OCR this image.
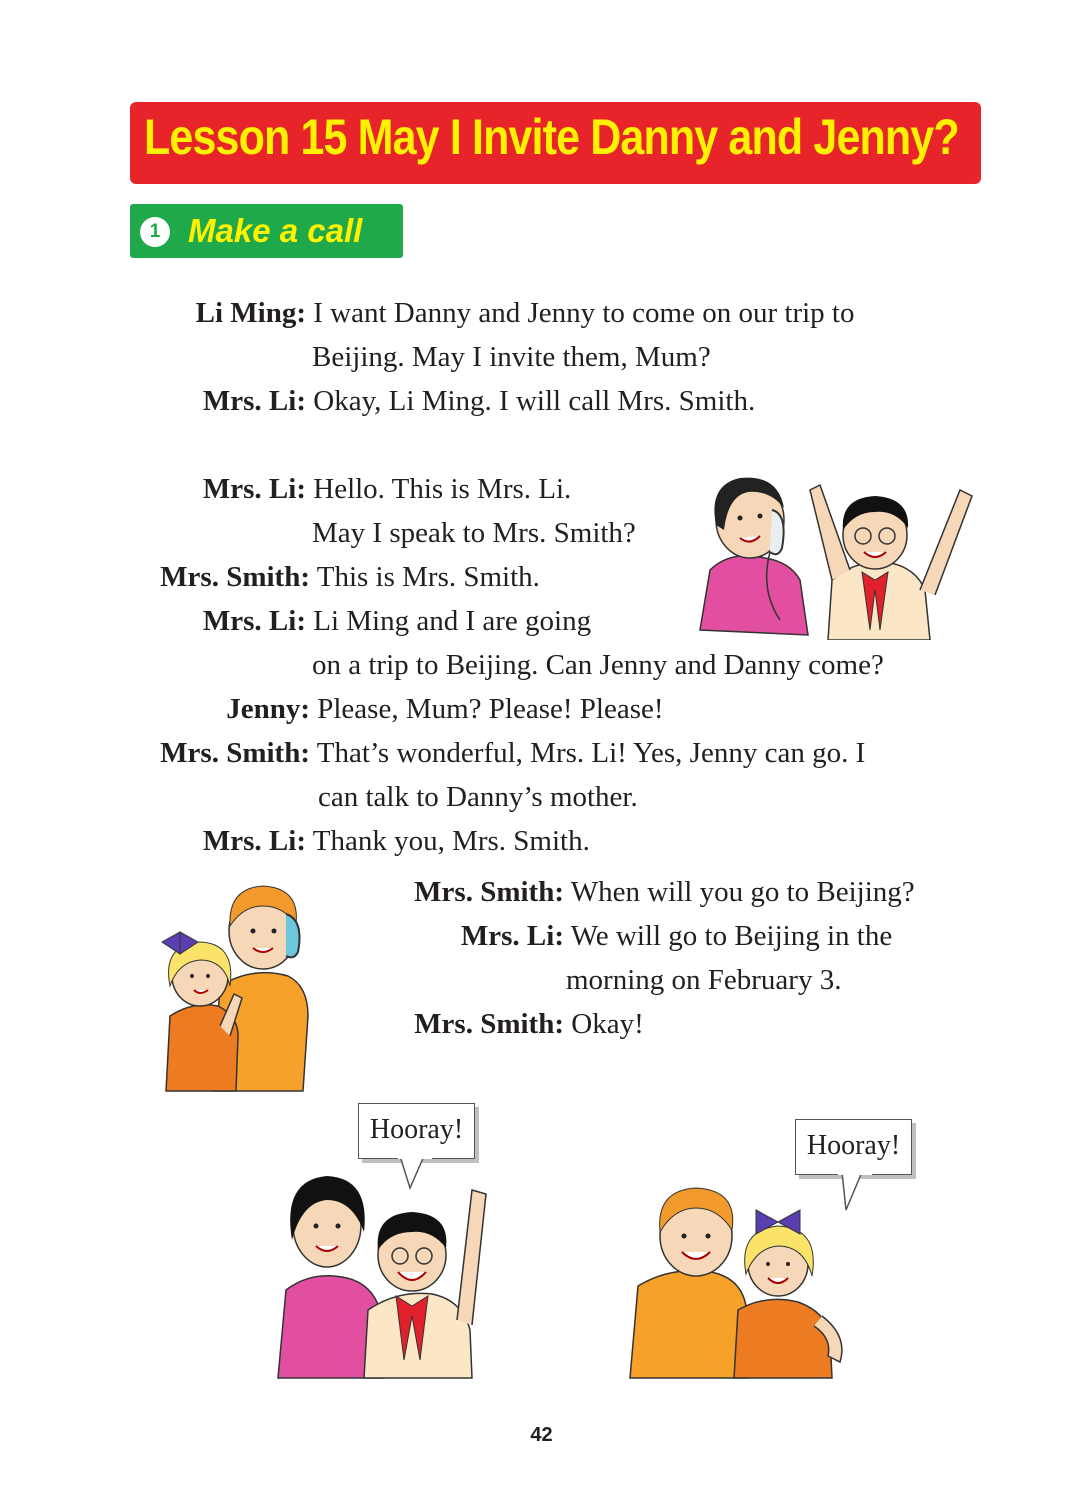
Lesson 15 May I Invite Danny and Jenny?
1 Make a call
Li Ming: I want Danny and Jenny to come on our trip to
Beijing. May I invite them, Mum?
Mrs. Li: Okay, Li Ming. I will call Mrs. Smith.
Mrs. Li: Hello. This is Mrs. Li.
May I speak to Mrs. Smith?
Mrs. Smith: This is Mrs. Smith.
Mrs. Li: Li Ming and I are going
on a trip to Beijing. Can Jenny and Danny come?
Jenny: Please, Mum? Please! Please!
Mrs. Smith: That’s wonderful, Mrs. Li! Yes, Jenny can go. I
can talk to Danny’s mother.
Mrs. Li: Thank you, Mrs. Smith.
Mrs. Smith: When will you go to Beijing?
Mrs. Li: We will go to Beijing in the
morning on February 3.
Mrs. Smith: Okay!
Hooray!
Hooray!
42
